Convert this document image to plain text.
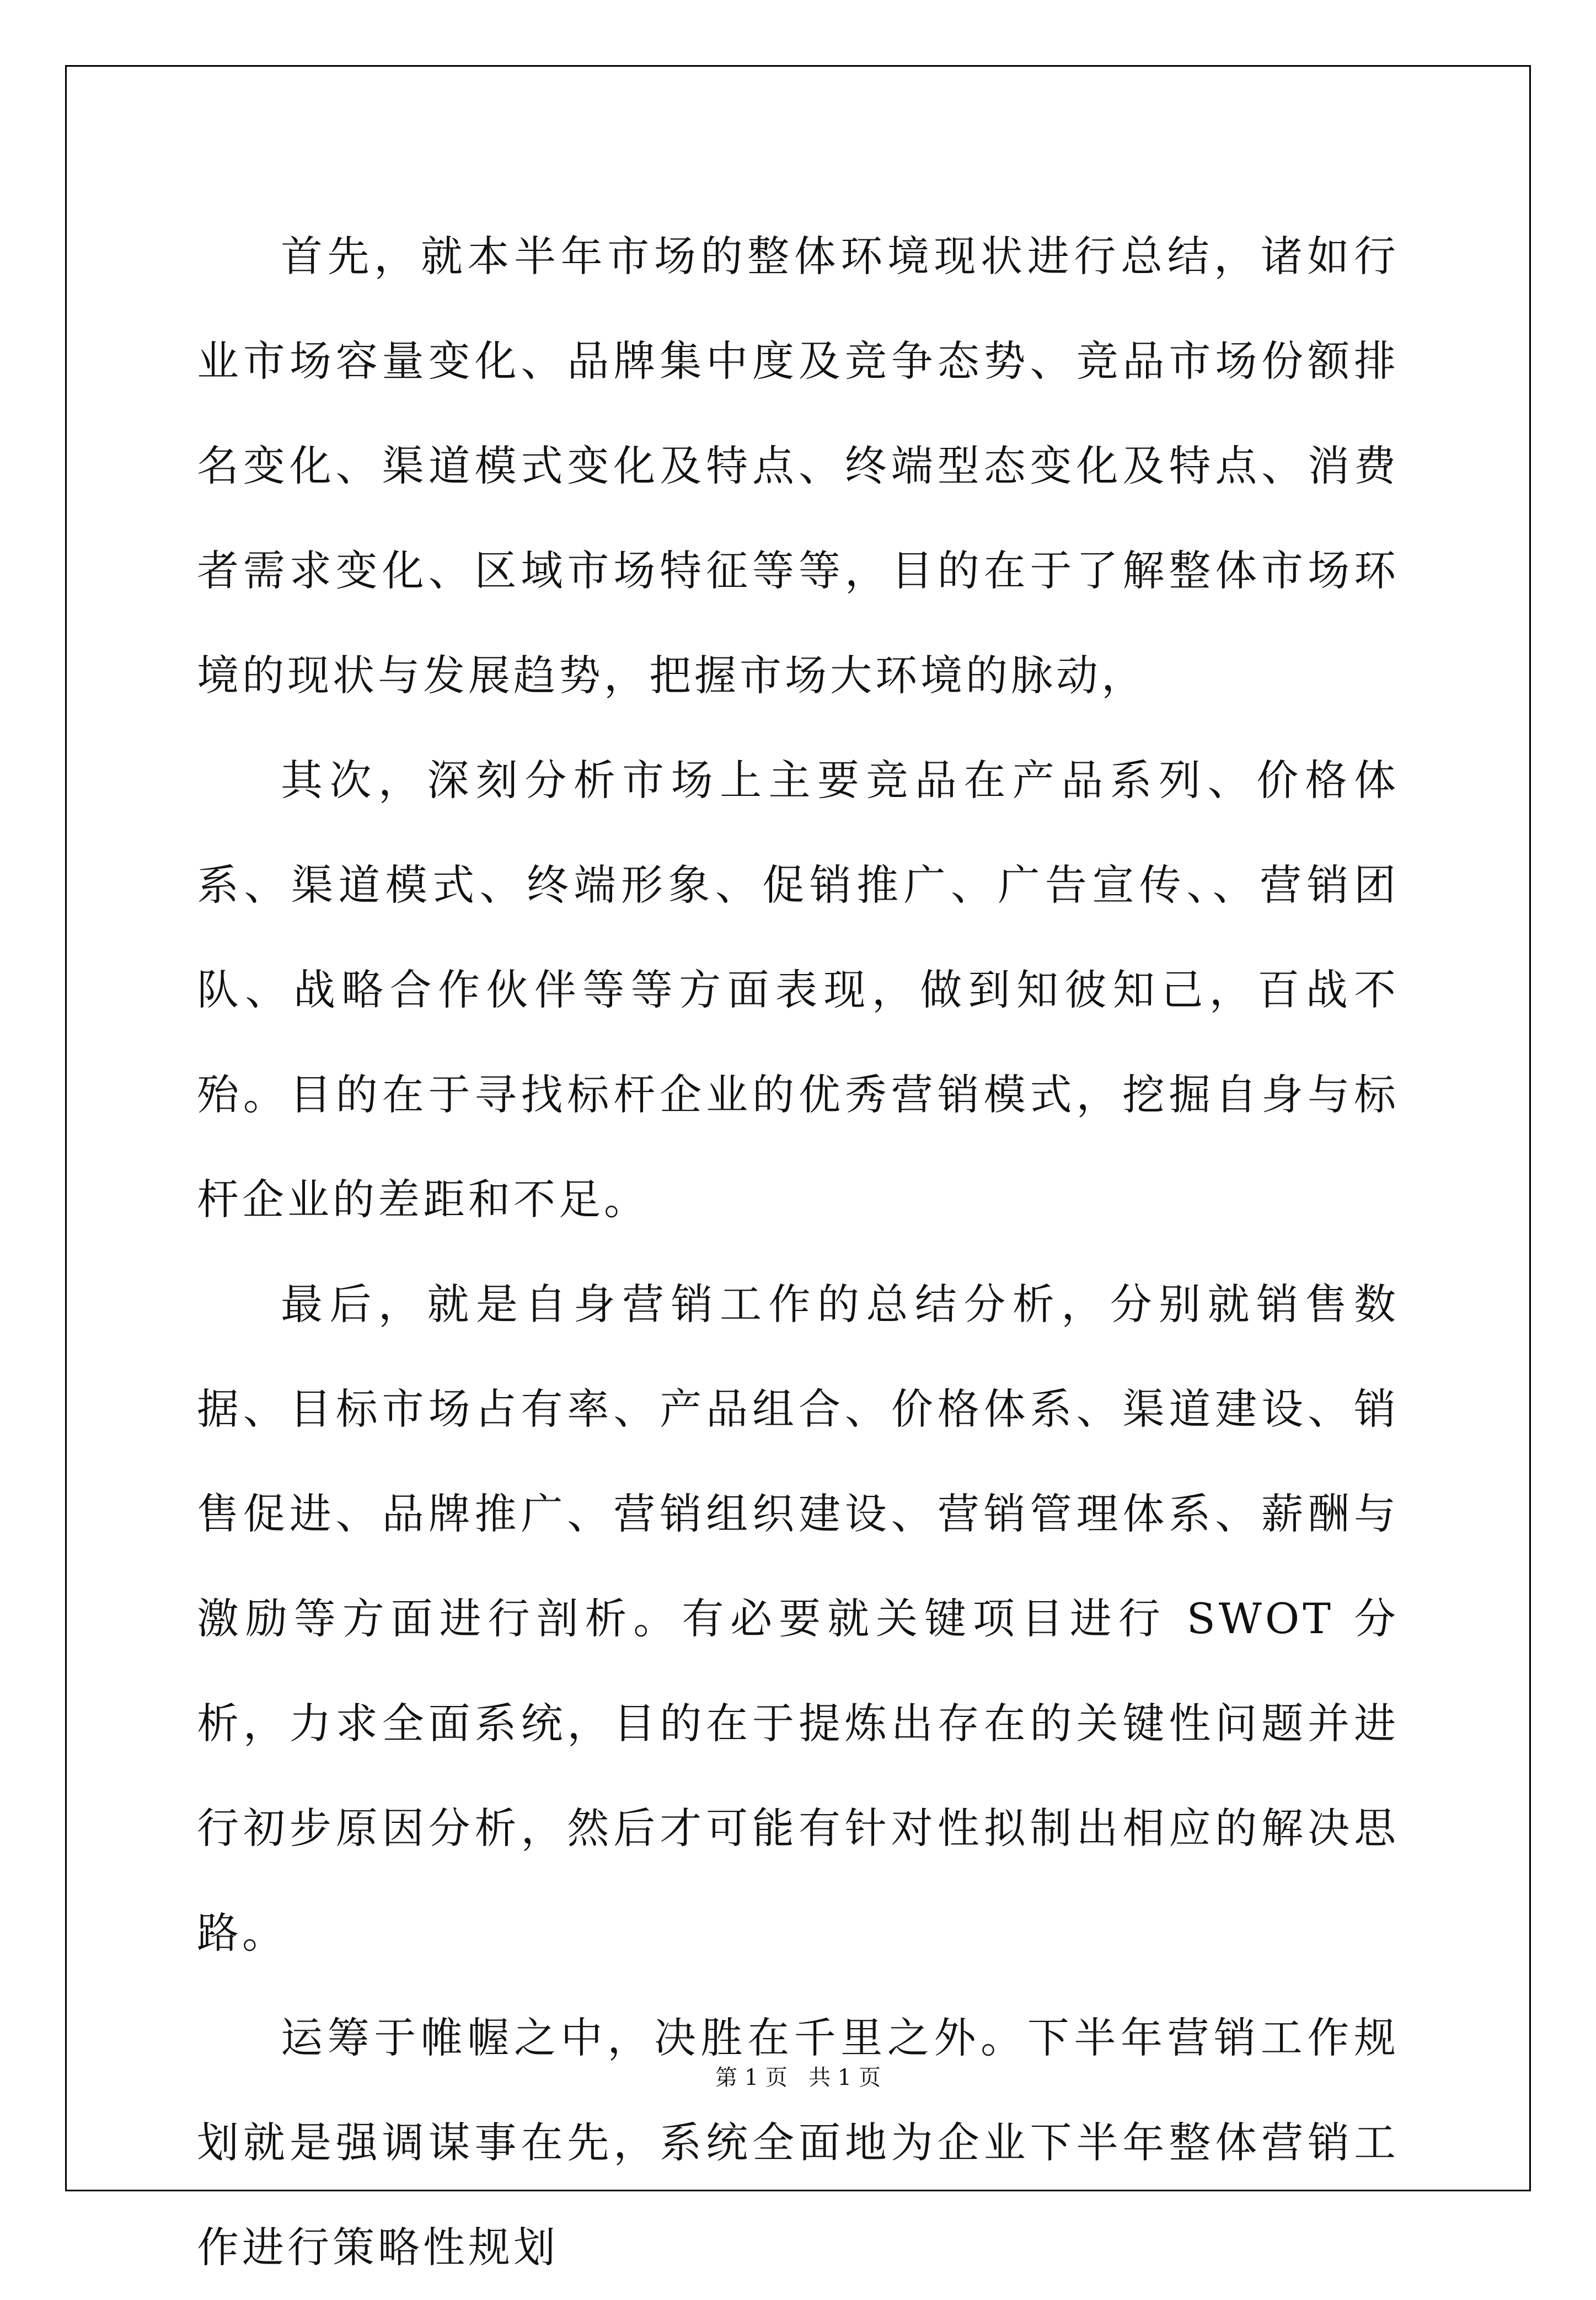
首先，就本半年市场的整体环境现状进行总结，诸如行业市场容量变化、品牌集中度及竞争态势、竞品市场份额排名变化、渠道模式变化及特点、终端型态变化及特点、消费者需求变化、区域市场特征等等，目的在于了解整体市场环境的现状与发展趋势，把握市场大环境的脉动，

其次，深刻分析市场上主要竞品在产品系列、价格体系、渠道模式、终端形象、促销推广、广告宣传、、营销团队、战略合作伙伴等等方面表现，做到知彼知己，百战不殆。目的在于寻找标杆企业的优秀营销模式，挖掘自身与标杆企业的差距和不足。

最后，就是自身营销工作的总结分析，分别就销售数据、目标市场占有率、产品组合、价格体系、渠道建设、销售促进、品牌推广、营销组织建设、营销管理体系、薪酬与激励等方面进行剖析。有必要就关键项目进行 SWOT 分析，力求全面系统，目的在于提炼出存在的关键性问题并进行初步原因分析，然后才可能有针对性拟制出相应的解决思路。

运筹于帷幄之中，决胜在千里之外。下半年营销工作规划就是强调谋事在先，系统全面地为企业下半年整体营销工作进行策略性规划

第 1 页   共 1 页
